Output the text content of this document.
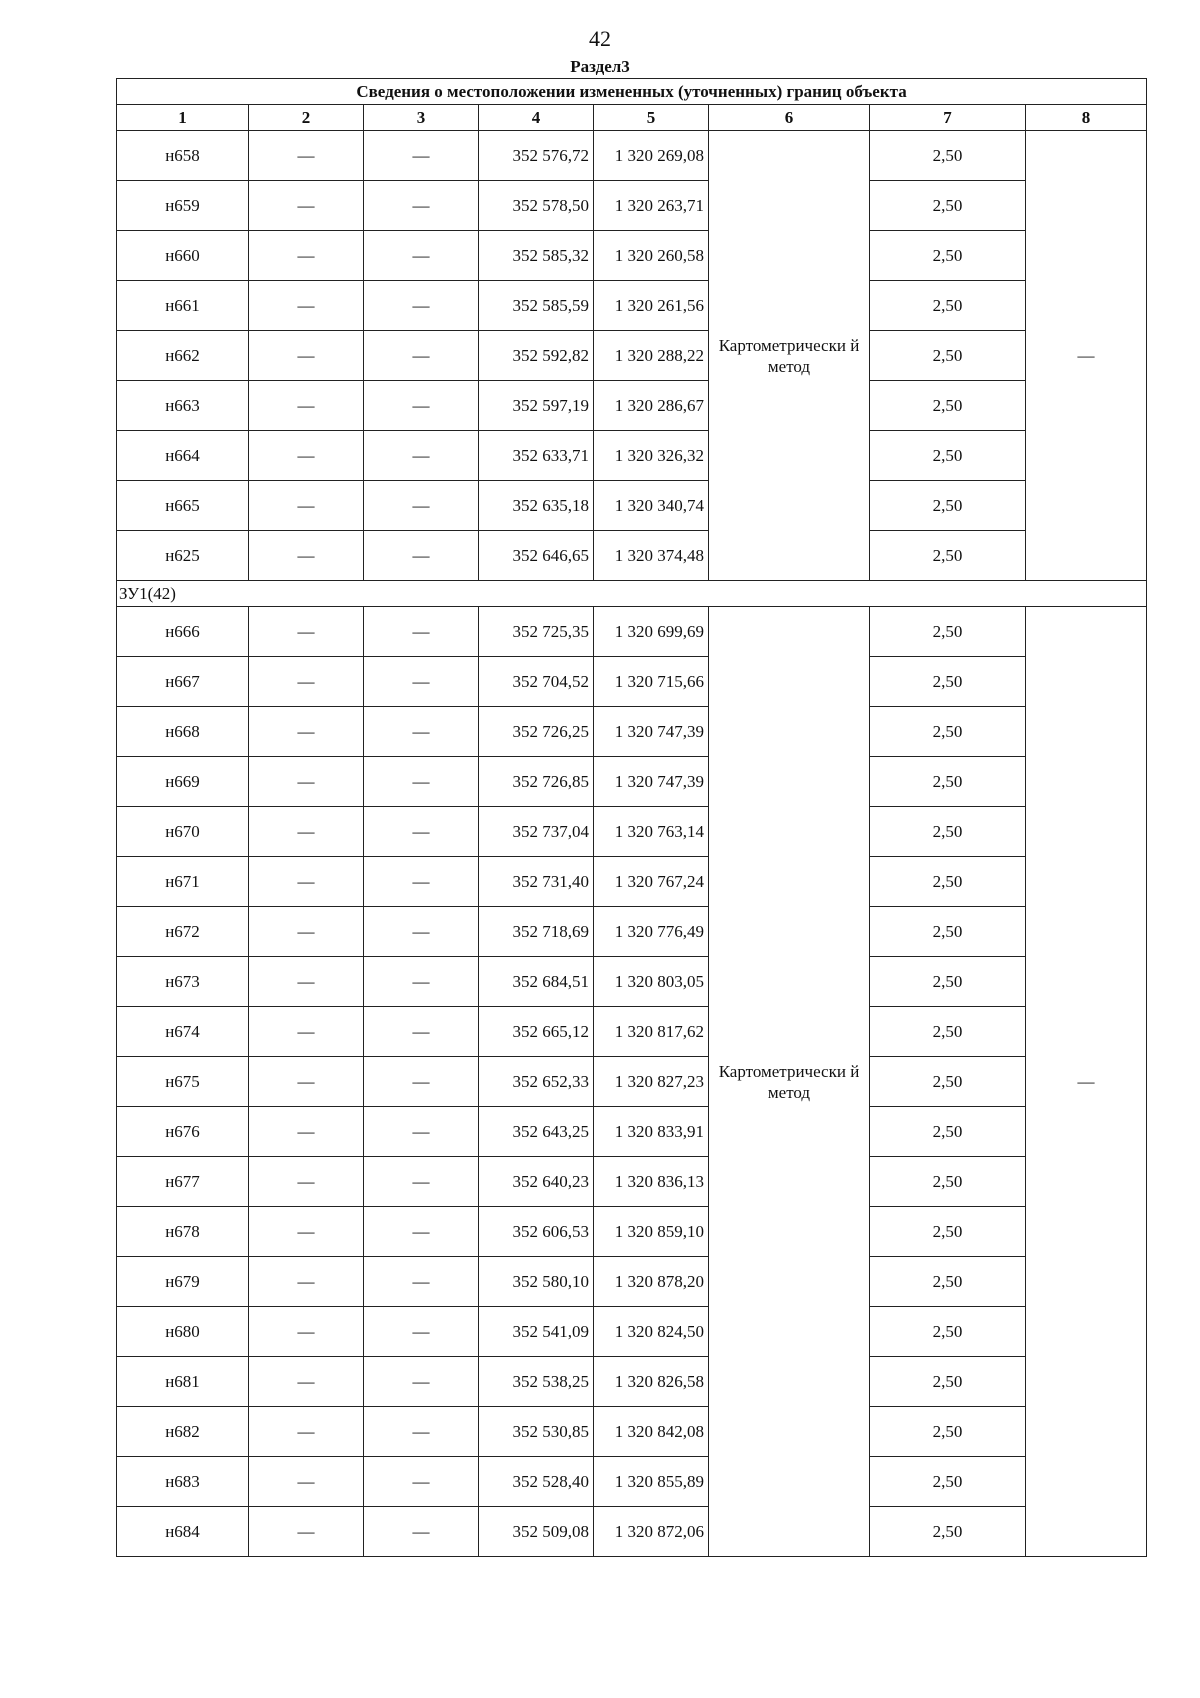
42
Раздел3
Сведения о местоположении измененных (уточненных) границ объекта							
1	2	3	4	5	6	7	8
н658	—	—	352 576,72	1 320 269,08	Картометрически й метод	2,50	—
н659	—	—	352 578,50	1 320 263,71		2,50	
н660	—	—	352 585,32	1 320 260,58		2,50	
н661	—	—	352 585,59	1 320 261,56		2,50	
н662	—	—	352 592,82	1 320 288,22		2,50	
н663	—	—	352 597,19	1 320 286,67		2,50	
н664	—	—	352 633,71	1 320 326,32		2,50	
н665	—	—	352 635,18	1 320 340,74		2,50	
н625	—	—	352 646,65	1 320 374,48		2,50	
ЗУ1(42)							
н666	—	—	352 725,35	1 320 699,69	Картометрически й метод	2,50	—
н667	—	—	352 704,52	1 320 715,66		2,50	
н668	—	—	352 726,25	1 320 747,39		2,50	
н669	—	—	352 726,85	1 320 747,39		2,50	
н670	—	—	352 737,04	1 320 763,14		2,50	
н671	—	—	352 731,40	1 320 767,24		2,50	
н672	—	—	352 718,69	1 320 776,49		2,50	
н673	—	—	352 684,51	1 320 803,05		2,50	
н674	—	—	352 665,12	1 320 817,62		2,50	
н675	—	—	352 652,33	1 320 827,23		2,50	
н676	—	—	352 643,25	1 320 833,91		2,50	
н677	—	—	352 640,23	1 320 836,13		2,50	
н678	—	—	352 606,53	1 320 859,10		2,50	
н679	—	—	352 580,10	1 320 878,20		2,50	
н680	—	—	352 541,09	1 320 824,50		2,50	
н681	—	—	352 538,25	1 320 826,58		2,50	
н682	—	—	352 530,85	1 320 842,08		2,50	
н683	—	—	352 528,40	1 320 855,89		2,50	
н684	—	—	352 509,08	1 320 872,06		2,50	
